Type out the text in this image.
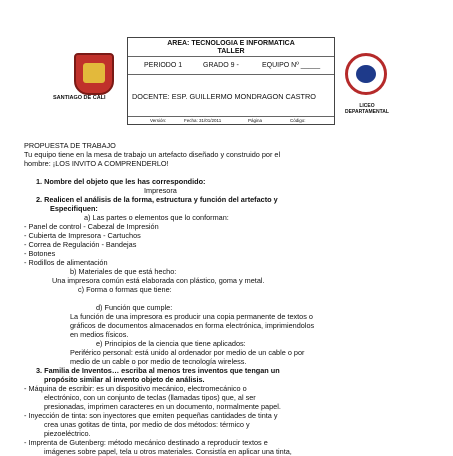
SANTIAGO DE CALI
AREA: TECNOLOGIA E INFORMATICA
TALLER
PERIODO 1	GRADO 9 -	EQUIPO Nº _____
DOCENTE: ESP. GUILLERMO MONDRAGON CASTRO
Versión:	Fecha: 31/01/2011	Página	Código:
LICEO DEPARTAMENTAL
PROPUESTA DE TRABAJO
Tu equipo tiene en la mesa de trabajo un artefacto diseñado y construido por el
hombre: ¡LOS INVITO A COMPRENDERLO!
1. Nombre del objeto que les has correspondido:
Impresora
2. Realicen el análisis de la forma, estructura y función del artefacto y
Especifiquen:
a) Las partes o elementos que lo conforman:
- Panel de control - Cabezal de Impresión
- Cubierta de Impresora - Cartuchos
- Correa de Regulación - Bandejas
- Botones
- Rodillos de alimentación
b) Materiales de que está hecho:
Una impresora común está elaborada con plástico, goma y metal.
c) Forma o formas que tiene:
d) Función que cumple:
La función de una impresora es producir una copia permanente de textos o
gráficos de documentos almacenados en forma electrónica, imprimiendolos
en medios físicos.
e) Principios de la ciencia que tiene aplicados:
Periférico personal: está unido al ordenador por medio de un cable o por
medio de un cable o por medio de tecnología wireless.
3. Familia de Inventos… escriba al menos tres inventos que tengan un
propósito similar al invento objeto de análisis.
- Máquina de escribir: es un dispositivo mecánico, electromecánico o
electrónico, con un conjunto de teclas (llamadas tipos) que, al ser
presionadas, imprimen caracteres en un documento, normalmente papel.
- Inyección de tinta: son inyectores que emiten pequeñas cantidades de tinta y
crea unas gotitas de tinta, por medio de dos métodos: térmico y
piezoeléctrico.
- Imprenta de Gutenberg: método mecánico destinado a reproducir textos e
imágenes sobre papel, tela u otros materiales. Consistía en aplicar una tinta,
